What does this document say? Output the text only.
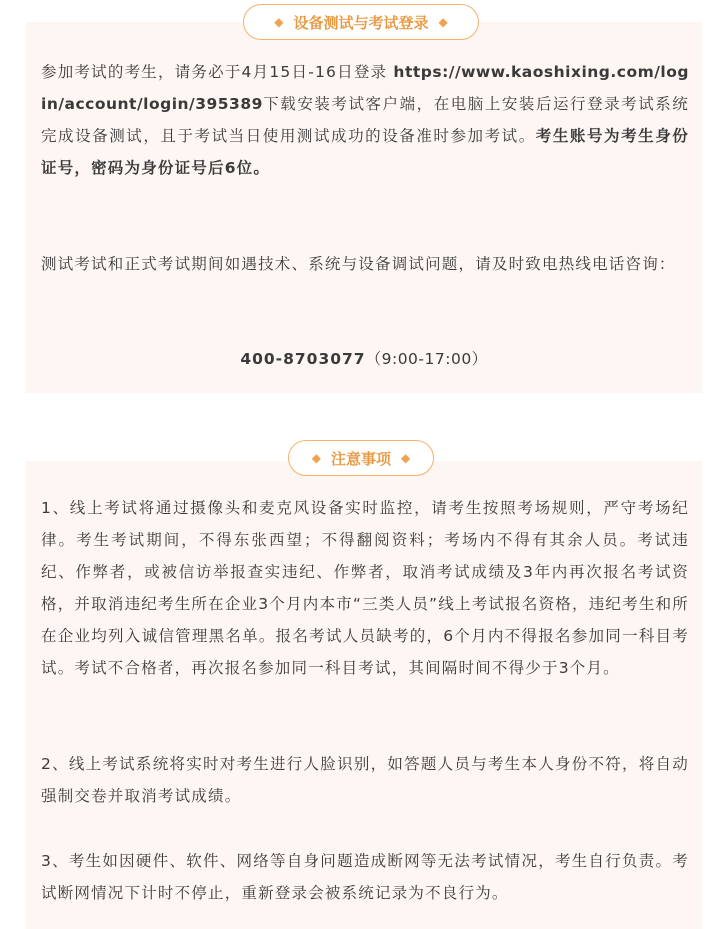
◆ 设备测试与考试登录 ◆

参加考试的考生，请务必于4月15日-16日登录 https://www.kaoshixing.com/login/account/login/395389下载安装考试客户端，在电脑上安装后运行登录考试系统完成设备测试，且于考试当日使用测试成功的设备准时参加考试。考生账号为考生身份证号，密码为身份证号后6位。

测试考试和正式考试期间如遇技术、系统与设备调试问题，请及时致电热线电话咨询：

400-8703077（9:00-17:00）

◆ 注意事项 ◆

1、线上考试将通过摄像头和麦克风设备实时监控，请考生按照考场规则，严守考场纪律。考生考试期间，不得东张西望；不得翻阅资料；考场内不得有其余人员。考试违纪、作弊者，或被信访举报查实违纪、作弊者，取消考试成绩及3年内再次报名考试资格，并取消违纪考生所在企业3个月内本市“三类人员”线上考试报名资格，违纪考生和所在企业均列入诚信管理黑名单。报名考试人员缺考的，6个月内不得报名参加同一科目考试。考试不合格者，再次报名参加同一科目考试，其间隔时间不得少于3个月。

2、线上考试系统将实时对考生进行人脸识别，如答题人员与考生本人身份不符，将自动强制交卷并取消考试成绩。

3、考生如因硬件、软件、网络等自身问题造成断网等无法考试情况，考生自行负责。考试断网情况下计时不停止，重新登录会被系统记录为不良行为。
